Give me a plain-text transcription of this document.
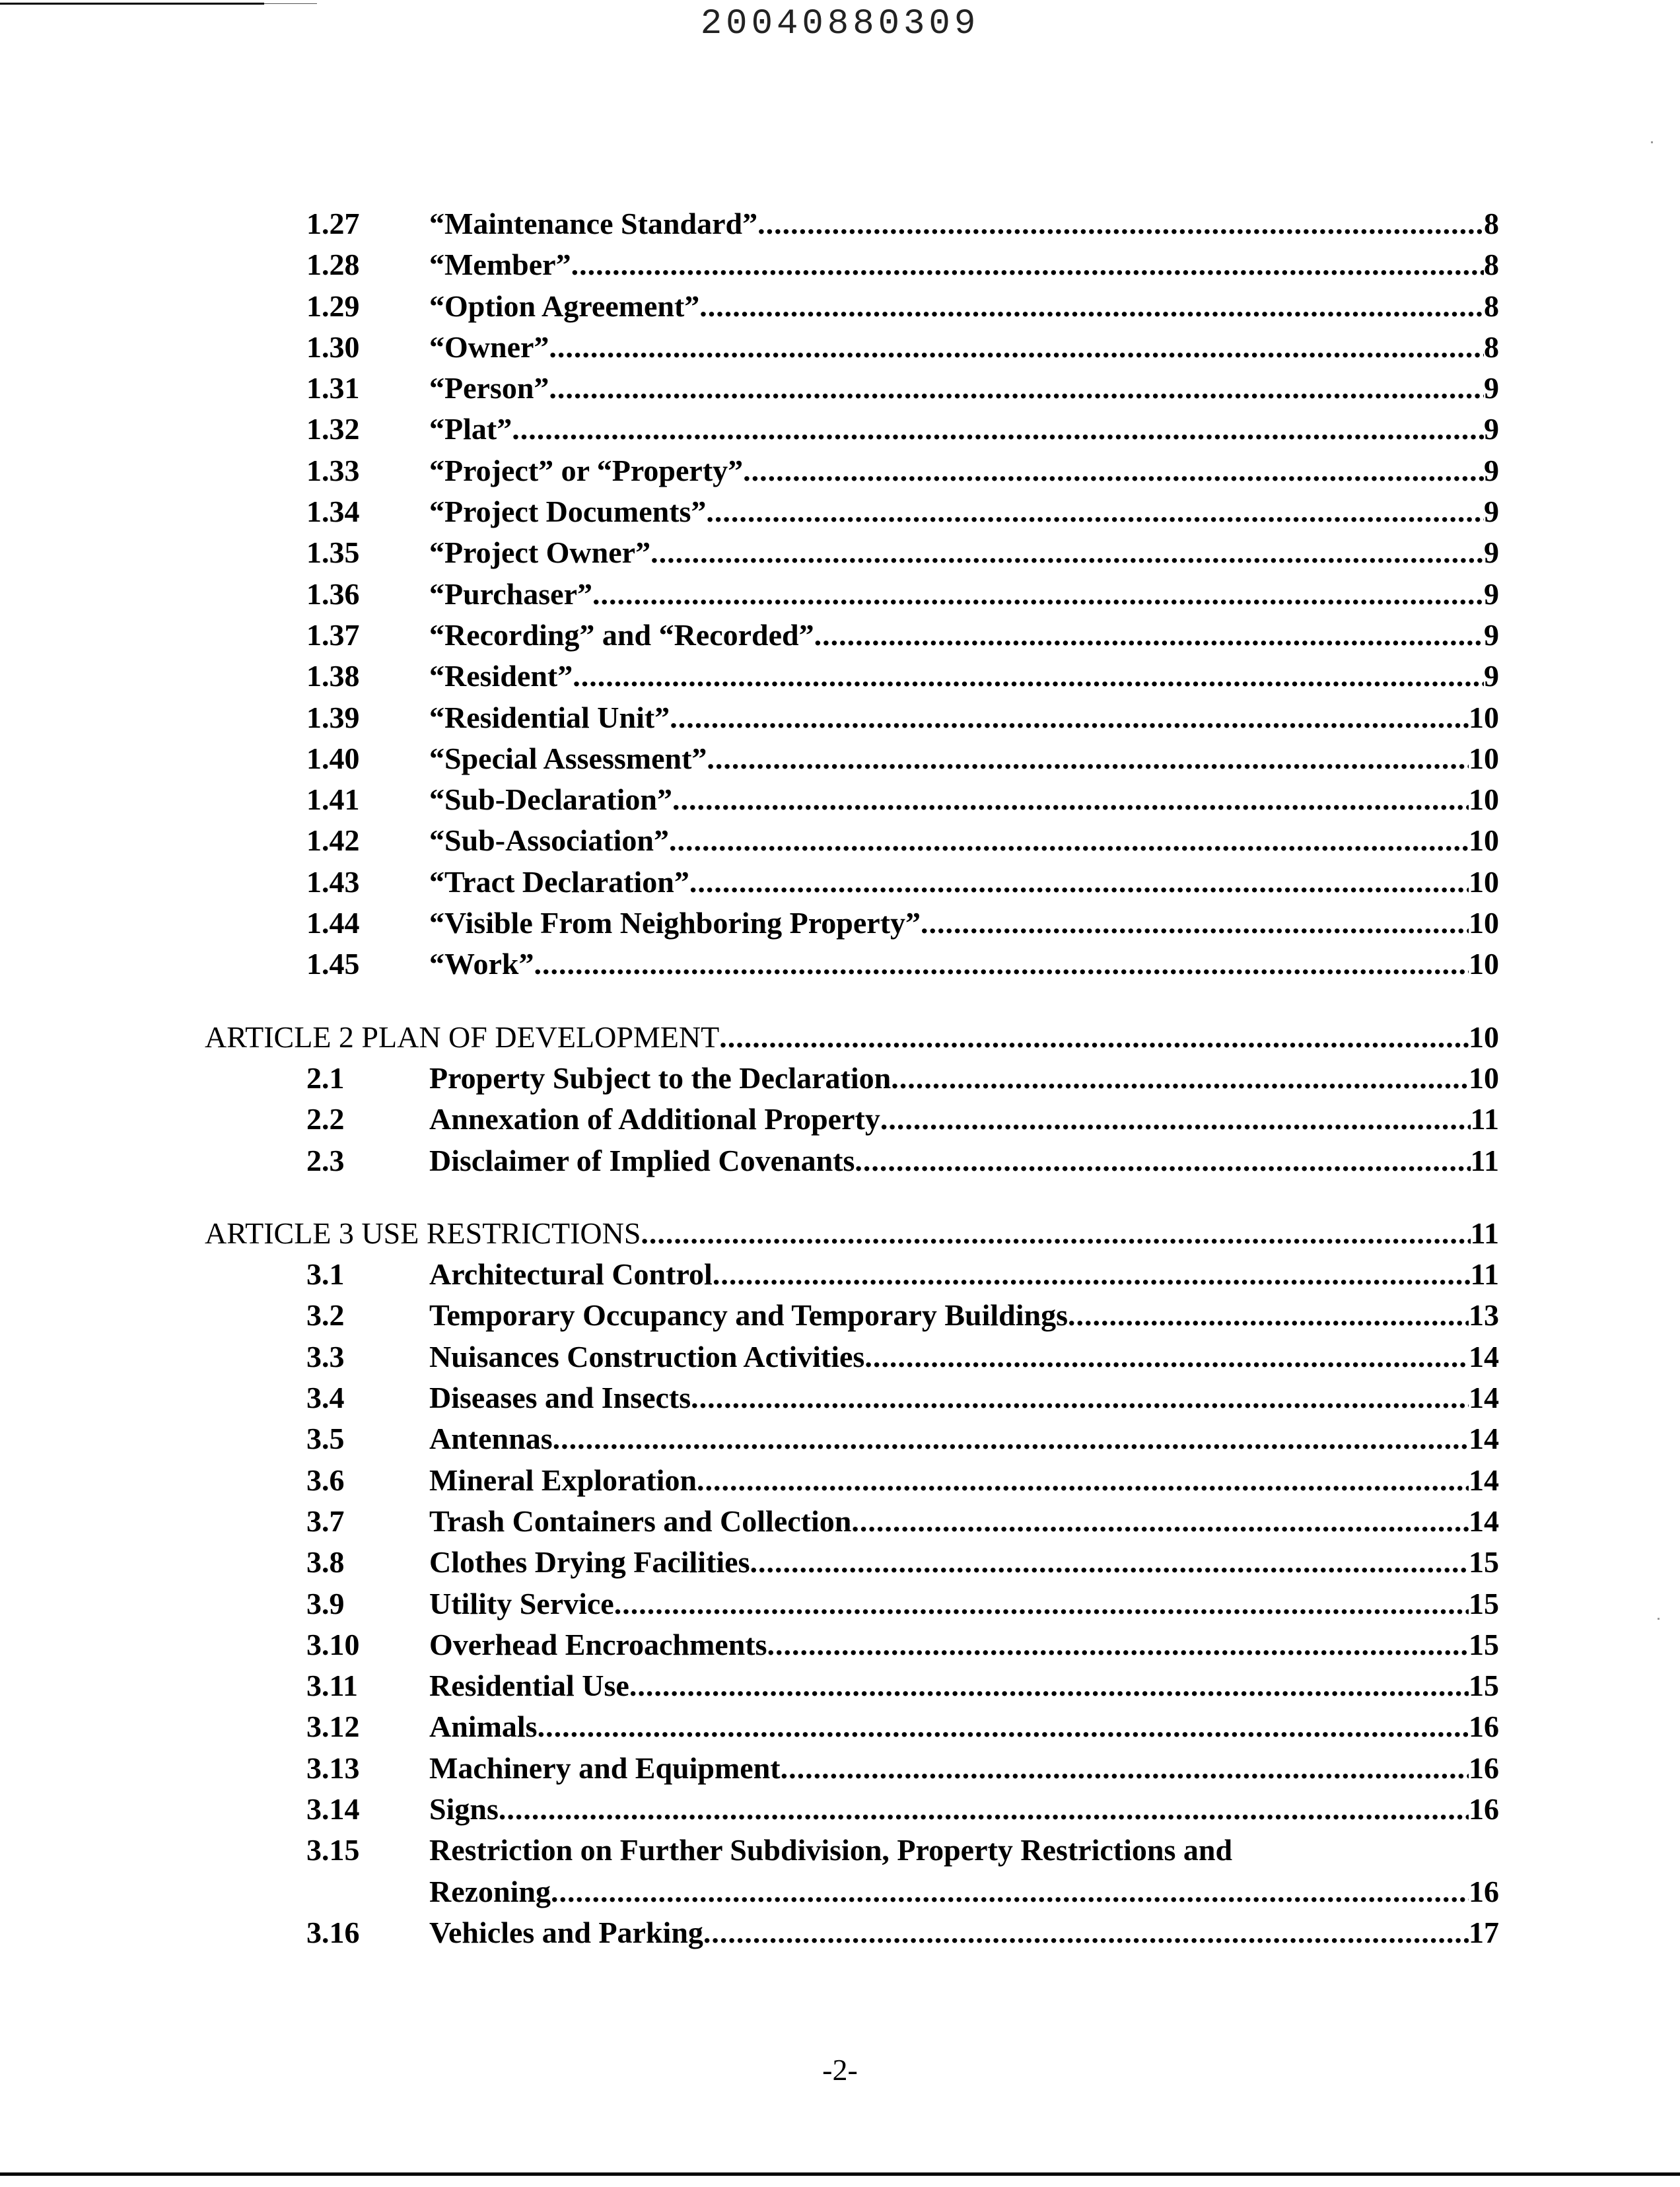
20040880309
1.27 “Maintenance Standard” .....	8
1.28 “Member” .....	8
1.29 “Option Agreement” .....	8
1.30 “Owner” .....	8
1.31 “Person” .....	9
1.32 “Plat” .....	9
1.33 “Project” or “Property” .....	9
1.34 “Project Documents” .....	9
1.35 “Project Owner” .....	9
1.36 “Purchaser” .....	9
1.37 “Recording” and “Recorded” .....	9
1.38 “Resident” .....	9
1.39 “Residential Unit” .....	10
1.40 “Special Assessment” .....	10
1.41 “Sub-Declaration” .....	10
1.42 “Sub-Association” .....	10
1.43 “Tract Declaration” .....	10
1.44 “Visible From Neighboring Property” .....	10
1.45 “Work” .....	10
ARTICLE 2 PLAN OF DEVELOPMENT .....	10
2.1	Property Subject to the Declaration .....	10
2.2	Annexation of Additional Property .....	11
2.3	Disclaimer of Implied Covenants .....	11
ARTICLE 3 USE RESTRICTIONS .....	11
3.1	Architectural Control .....	11
3.2	Temporary Occupancy and Temporary Buildings .....	13
3.3	Nuisances Construction Activities .....	14
3.4	Diseases and Insects .....	14
3.5	Antennas .....	14
3.6	Mineral Exploration .....	14
3.7	Trash Containers and Collection .....	14
3.8	Clothes Drying Facilities .....	15
3.9	Utility Service .....	15
3.10 Overhead Encroachments .....	15
3.11 Residential Use .....	15
3.12 Animals .....	16
3.13 Machinery and Equipment .....	16
3.14 Signs .....	16
3.15 Restriction on Further Subdivision, Property Restrictions and
Rezoning .....	16
3.16 Vehicles and Parking .....	17
-2-
